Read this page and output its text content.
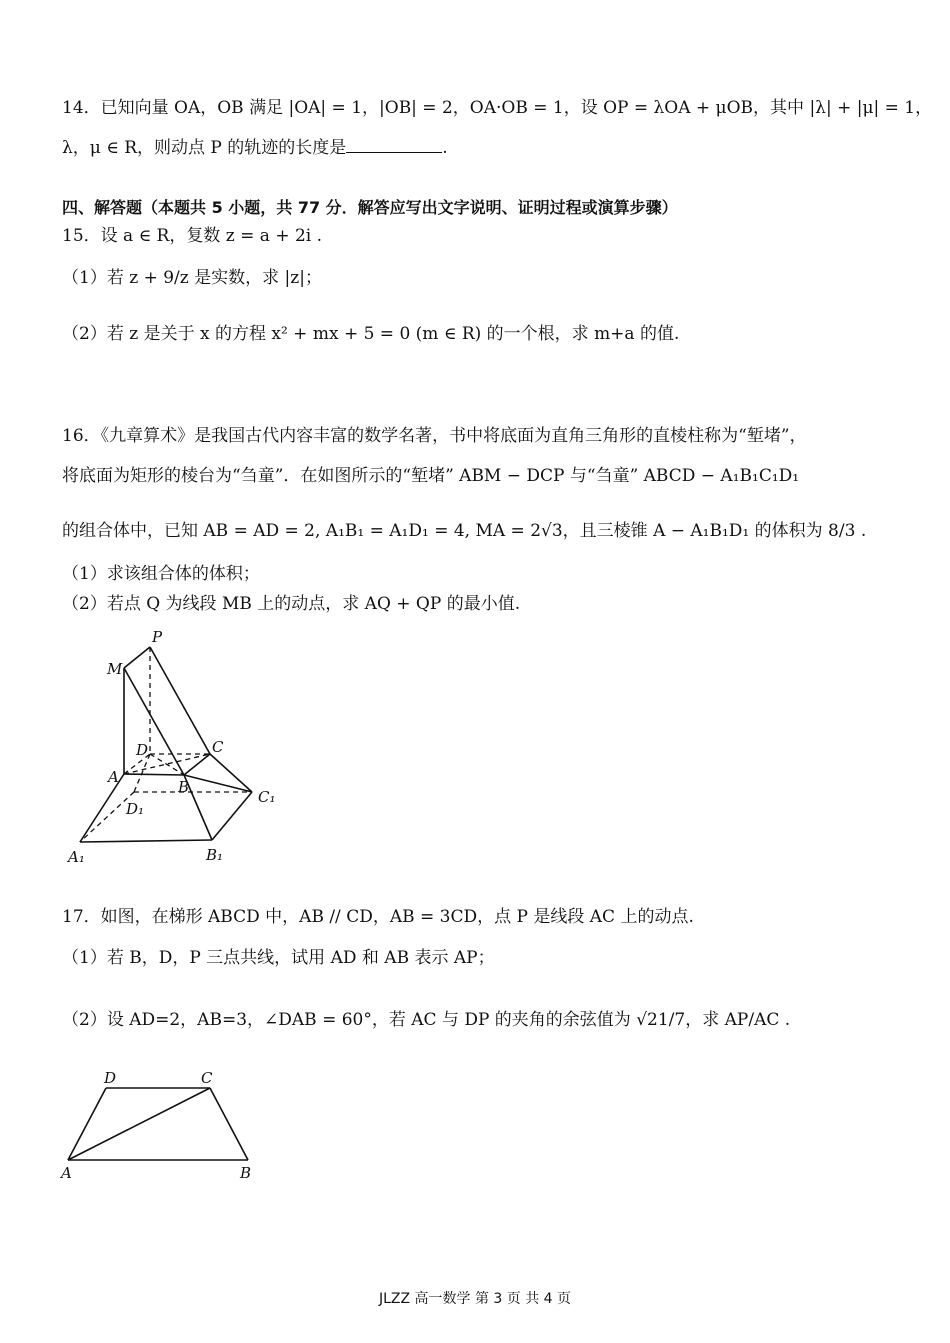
14．已知向量 OA，OB 满足 |OA| = 1，|OB| = 2，OA·OB = 1，设 OP = λOA + μOB，其中 |λ| + |μ| = 1，
λ，μ ∈ R，则动点 P 的轨迹的长度是	.
四、解答题（本题共 5 小题，共 77 分．解答应写出文字说明、证明过程或演算步骤）
15．设 a ∈ R，复数 z = a + 2i .
（1）若 z + 9/z 是实数，求 |z|；
（2）若 z 是关于 x 的方程 x² + mx + 5 = 0 (m ∈ R) 的一个根，求 m+a 的值.
16．《九章算术》是我国古代内容丰富的数学名著，书中将底面为直角三角形的直棱柱称为“堑堵”，
将底面为矩形的棱台为“刍童”．在如图所示的“堑堵” ABM − DCP 与“刍童” ABCD − A₁B₁C₁D₁
的组合体中，已知 AB = AD = 2, A₁B₁ = A₁D₁ = 4, MA = 2√3，且三棱锥 A − A₁B₁D₁ 的体积为 8/3 .
（1）求该组合体的体积；
（2）若点 Q 为线段 MB 上的动点，求 AQ + QP 的最小值.
P
M
D	C
A
B
C₁
D₁
A₁	B₁
17．如图，在梯形 ABCD 中，AB // CD，AB = 3CD，点 P 是线段 AC 上的动点.
（1）若 B，D，P 三点共线，试用 AD 和 AB 表示 AP；
（2）设 AD=2，AB=3，∠DAB = 60°，若 AC 与 DP 的夹角的余弦值为 √21/7，求 AP/AC .
D	C
A	B
JLZZ 高一数学 第 3 页 共 4 页
